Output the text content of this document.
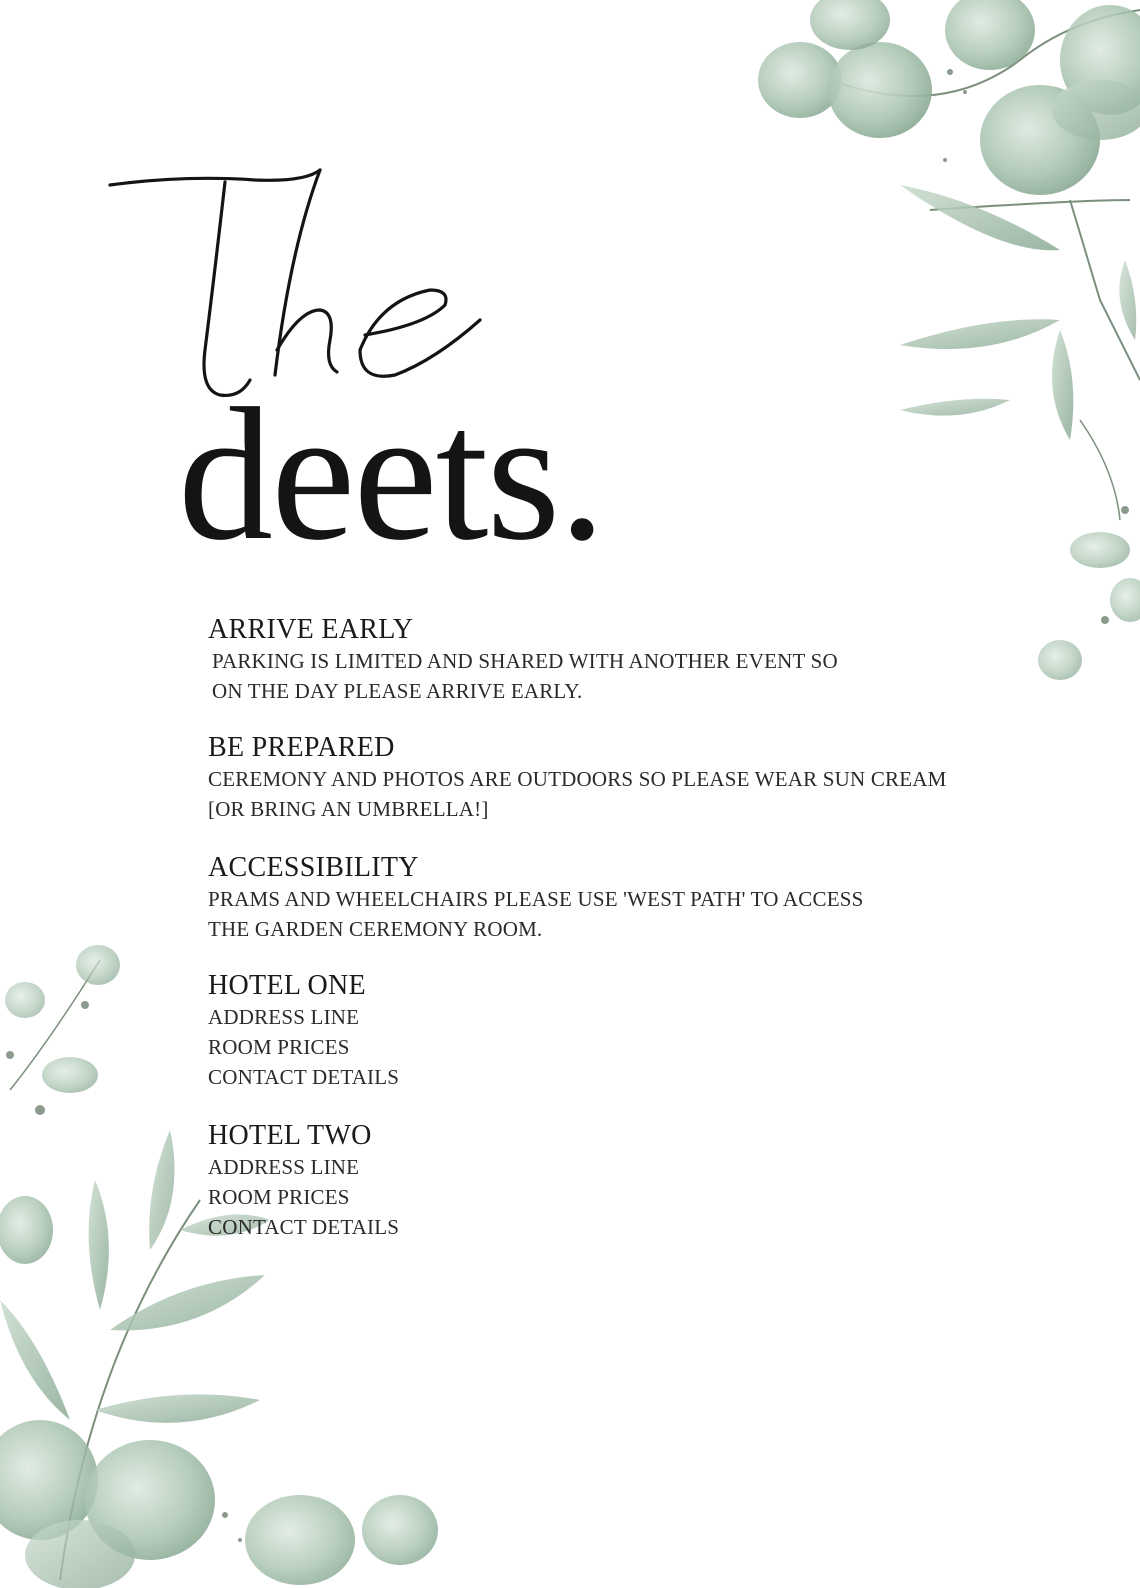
deets.
ARRIVE EARLY
PARKING IS LIMITED AND SHARED WITH ANOTHER EVENT SO
ON THE DAY PLEASE ARRIVE EARLY.
BE PREPARED
CEREMONY AND PHOTOS ARE OUTDOORS SO PLEASE WEAR SUN CREAM
[OR BRING AN UMBRELLA!]
ACCESSIBILITY
PRAMS AND WHEELCHAIRS PLEASE USE 'WEST PATH' TO ACCESS
THE GARDEN CEREMONY ROOM.
HOTEL ONE
ADDRESS LINE
ROOM PRICES
CONTACT DETAILS
HOTEL TWO
ADDRESS LINE
ROOM PRICES
CONTACT DETAILS
